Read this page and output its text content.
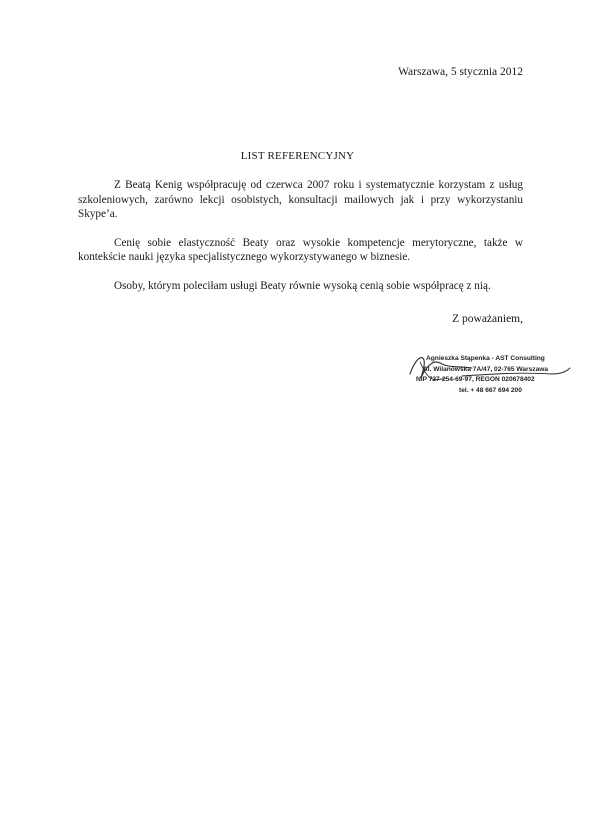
Warszawa, 5 stycznia 2012
LIST REFERENCYJNY

Z Beatą Kenig współpracuję od czerwca 2007 roku i systematycznie korzystam z usług szkoleniowych, zarówno lekcji osobistych, konsultacji mailowych jak i przy wykorzystaniu Skype’a.

Cenię sobie elastyczność Beaty oraz wysokie kompetencje merytoryczne, także w kontekście nauki języka specjalistycznego wykorzystywanego w biznesie.

Osoby, którym poleciłam usługi Beaty równie wysoką cenią sobie współpracę z nią.

Z poważaniem,
Agnieszka Stąpenka - AST Consulting
Al. Wilanowska 7A/47, 02-765 Warszawa
NIP 727-254-69-97, REGON 020678402
tel. + 48 667 694 200
